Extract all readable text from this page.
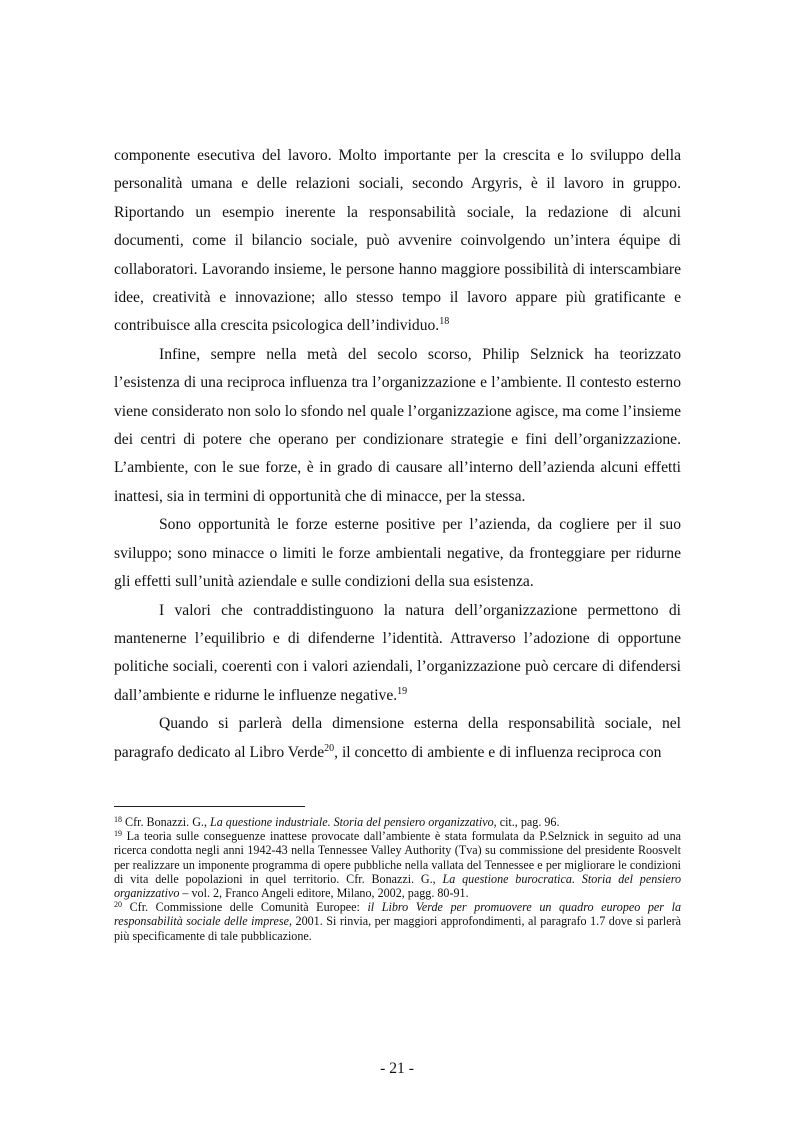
componente esecutiva del lavoro. Molto importante per la crescita e lo sviluppo della personalità umana e delle relazioni sociali, secondo Argyris, è il lavoro in gruppo. Riportando un esempio inerente la responsabilità sociale, la redazione di alcuni documenti, come il bilancio sociale, può avvenire coinvolgendo un’intera équipe di collaboratori. Lavorando insieme, le persone hanno maggiore possibilità di interscambiare idee, creatività e innovazione; allo stesso tempo il lavoro appare più gratificante e contribuisce alla crescita psicologica dell’individuo.$^{18}$

Infine, sempre nella metà del secolo scorso, Philip Selznick ha teorizzato l’esistenza di una reciproca influenza tra l’organizzazione e l’ambiente. Il contesto esterno viene considerato non solo lo sfondo nel quale l’organizzazione agisce, ma come l’insieme dei centri di potere che operano per condizionare strategie e fini dell’organizzazione. L’ambiente, con le sue forze, è in grado di causare all’interno dell’azienda alcuni effetti inattesi, sia in termini di opportunità che di minacce, per la stessa.

Sono opportunità le forze esterne positive per l’azienda, da cogliere per il suo sviluppo; sono minacce o limiti le forze ambientali negative, da fronteggiare per ridurne gli effetti sull’unità aziendale e sulle condizioni della sua esistenza.

I valori che contraddistinguono la natura dell’organizzazione permettono di mantenerne l’equilibrio e di difenderne l’identità. Attraverso l’adozione di opportune politiche sociali, coerenti con i valori aziendali, l’organizzazione può cercare di difendersi dall’ambiente e ridurne le influenze negative.$^{19}$

Quando si parlerà della dimensione esterna della responsabilità sociale, nel paragrafo dedicato al Libro Verde$^{20}$, il concetto di ambiente e di influenza reciproca con

$^{18}$ Cfr. Bonazzi. G., La questione industriale. Storia del pensiero organizzativo, cit., pag. 96.

$^{19}$ La teoria sulle conseguenze inattese provocate dall’ambiente è stata formulata da P.Selznick in seguito ad una ricerca condotta negli anni 1942-43 nella Tennessee Valley Authority (Tva) su commissione del presidente Roosvelt per realizzare un imponente programma di opere pubbliche nella vallata del Tennessee e per migliorare le condizioni di vita delle popolazioni in quel territorio. Cfr. Bonazzi. G., La questione burocratica. Storia del pensiero organizzativo – vol. 2, Franco Angeli editore, Milano, 2002, pagg. 80-91.

$^{20}$ Cfr. Commissione delle Comunità Europee: il Libro Verde per promuovere un quadro europeo per la responsabilità sociale delle imprese, 2001. Si rinvia, per maggiori approfondimenti, al paragrafo 1.7 dove si parlerà più specificamente di tale pubblicazione.

- 21 -
